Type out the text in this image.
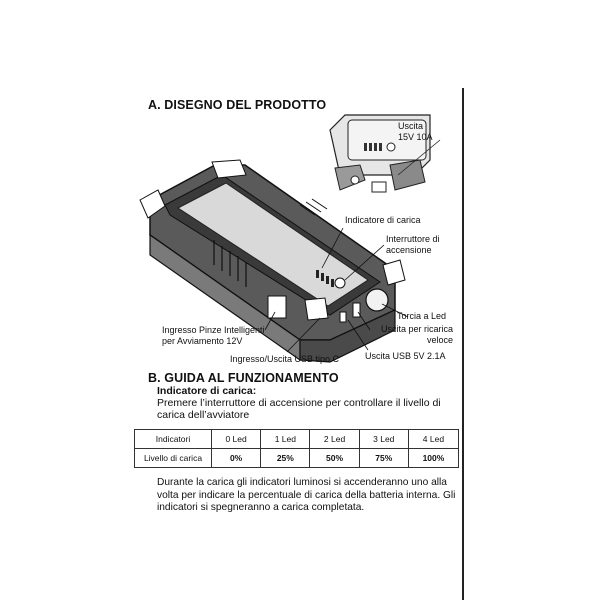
A. DISEGNO DEL PRODOTTO
Uscita
15V 10A
Indicatore di carica
Interruttore di
accensione
Torcia a Led
Uscita per ricarica
veloce
Uscita USB 5V 2.1A
Ingresso/Uscita USB tipo C
Ingresso Pinze Intelligenti
per Avviamento 12V
B. GUIDA AL FUNZIONAMENTO
Indicatore di carica:
Premere l’interruttore di accensione per controllare il livello di carica dell’avviatore
Indicatori	0 Led	1 Led	2 Led	3 Led	4 Led
Livello di carica	0%	25%	50%	75%	100%
Durante la carica gli indicatori luminosi si accenderanno uno alla volta per indicare la percentuale di carica della batteria interna. Gli indicatori si spegneranno a carica completata.
